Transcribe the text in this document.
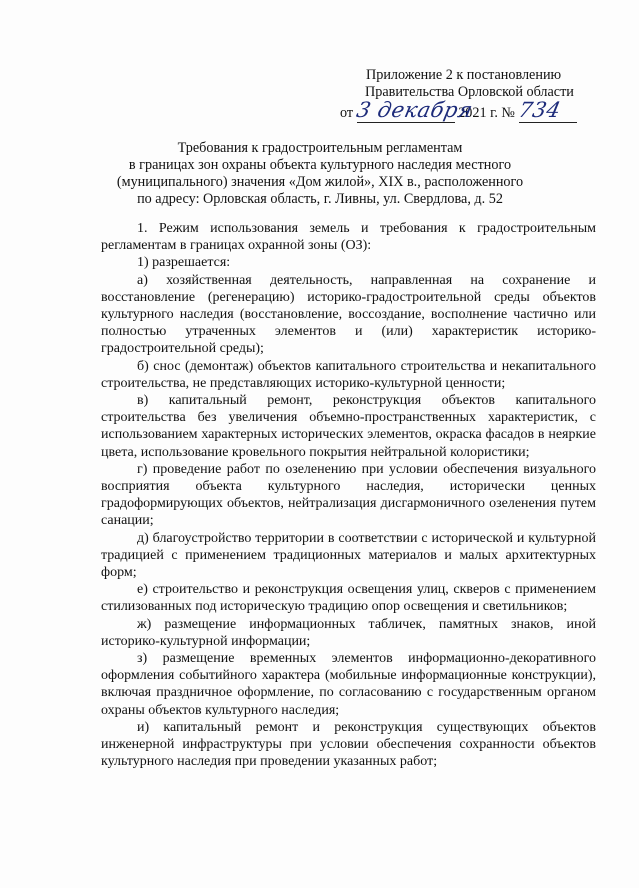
Приложение 2 к постановлению
Правительства Орловской области
от 3 декабря 2021 г. № 734
Требования к градостроительным регламентам
в границах зон охраны объекта культурного наследия местного
(муниципального) значения «Дом жилой», XIX в., расположенного
по адресу: Орловская область, г. Ливны, ул. Свердлова, д. 52

1. Режим использования земель и требования к градостроительным регламентам в границах охранной зоны (ОЗ):

1) разрешается:

а) хозяйственная деятельность, направленная на сохранение и восстановление (регенерацию) историко-градостроительной среды объектов культурного наследия (восстановление, воссоздание, восполнение частично или полностью утраченных элементов и (или) характеристик историко-градостроительной среды);

б) снос (демонтаж) объектов капитального строительства и некапитального строительства, не представляющих историко-культурной ценности;

в) капитальный ремонт, реконструкция объектов капитального строительства без увеличения объемно-пространственных характеристик, с использованием характерных исторических элементов, окраска фасадов в неяркие цвета, использование кровельного покрытия нейтральной колористики;

г) проведение работ по озеленению при условии обеспечения визуального восприятия объекта культурного наследия, исторически ценных градоформирующих объектов, нейтрализация дисгармоничного озеленения путем санации;

д) благоустройство территории в соответствии с исторической и культурной традицией с применением традиционных материалов и малых архитектурных форм;

е) строительство и реконструкция освещения улиц, скверов с применением стилизованных под историческую традицию опор освещения и светильников;

ж) размещение информационных табличек, памятных знаков, иной историко-культурной информации;

з) размещение временных элементов информационно-декоративного оформления событийного характера (мобильные информационные конструкции), включая праздничное оформление, по согласованию с государственным органом охраны объектов культурного наследия;

и) капитальный ремонт и реконструкция существующих объектов инженерной инфраструктуры при условии обеспечения сохранности объектов культурного наследия при проведении указанных работ;
